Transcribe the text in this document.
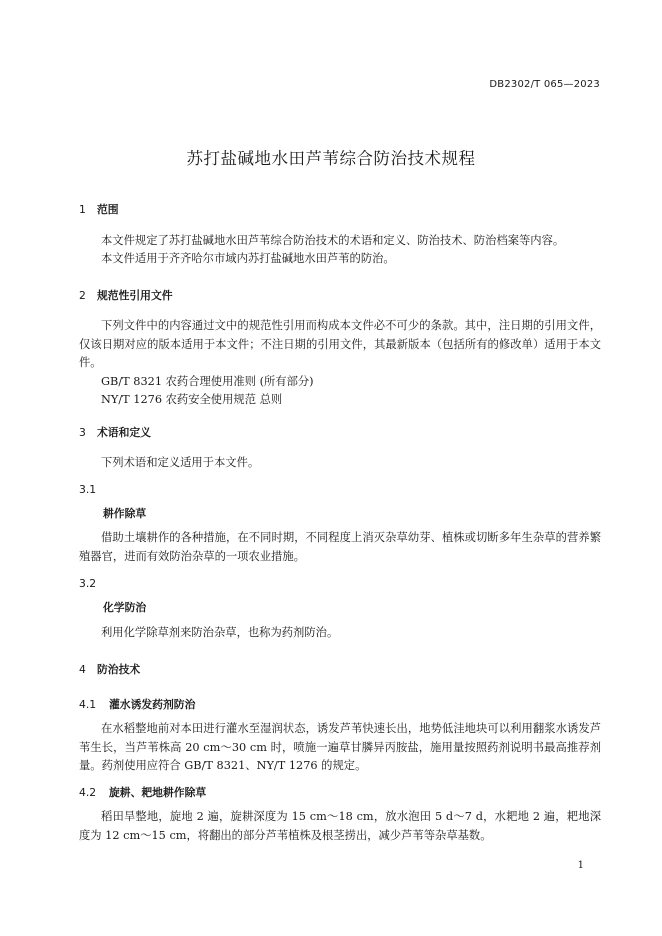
DB2302/T 065—2023
苏打盐碱地水田芦苇综合防治技术规程
1 范围
本文件规定了苏打盐碱地水田芦苇综合防治技术的术语和定义、防治技术、防治档案等内容。
本文件适用于齐齐哈尔市域内苏打盐碱地水田芦苇的防治。
2 规范性引用文件
下列文件中的内容通过文中的规范性引用而构成本文件必不可少的条款。其中，注日期的引用文件，仅该日期对应的版本适用于本文件；不注日期的引用文件，其最新版本（包括所有的修改单）适用于本文件。
GB/T 8321 农药合理使用准则 (所有部分)
NY/T 1276 农药安全使用规范 总则
3 术语和定义
下列术语和定义适用于本文件。
3.1
耕作除草
借助土壤耕作的各种措施，在不同时期，不同程度上消灭杂草幼芽、植株或切断多年生杂草的营养繁殖器官，进而有效防治杂草的一项农业措施。
3.2
化学防治
利用化学除草剂来防治杂草，也称为药剂防治。
4 防治技术
4.1 灌水诱发药剂防治
在水稻整地前对本田进行灌水至湿润状态，诱发芦苇快速长出，地势低洼地块可以利用翻浆水诱发芦苇生长，当芦苇株高 20 cm～30 cm 时，喷施一遍草甘膦异丙胺盐，施用量按照药剂说明书最高推荐剂量。药剂使用应符合 GB/T 8321、NY/T 1276 的规定。
4.2 旋耕、耙地耕作除草
稻田旱整地，旋地 2 遍，旋耕深度为 15 cm～18 cm，放水泡田 5 d～7 d，水耙地 2 遍，耙地深度为 12 cm～15 cm，将翻出的部分芦苇植株及根茎捞出，减少芦苇等杂草基数。
1
